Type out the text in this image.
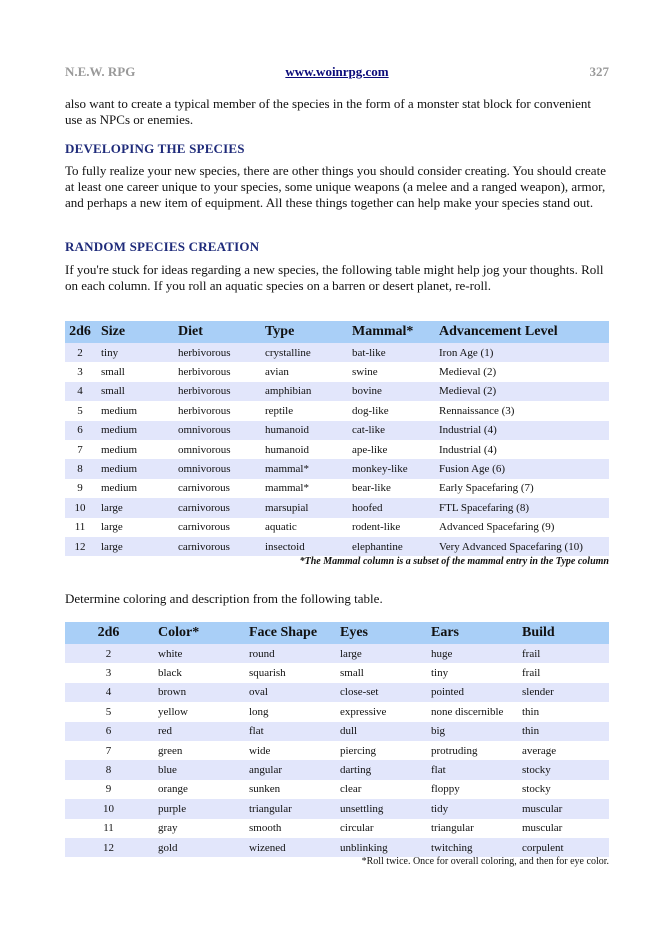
N.E.W. RPG	www.woinrpg.com	327
also want to create a typical member of the species in the form of a monster stat block for convenient use as NPCs or enemies.
DEVELOPING THE SPECIES
To fully realize your new species, there are other things you should consider creating. You should create at least one career unique to your species, some unique weapons (a melee and a ranged weapon), armor, and perhaps a new item of equipment. All these things together can help make your species stand out.
RANDOM SPECIES CREATION
If you're stuck for ideas regarding a new species, the following table might help jog your thoughts. Roll on each column. If you roll an aquatic species on a barren or desert planet, re-roll.
2d6	Size	Diet	Type	Mammal*	Advancement Level
2	tiny	herbivorous	crystalline	bat-like	Iron Age (1)
3	small	herbivorous	avian	swine	Medieval (2)
4	small	herbivorous	amphibian	bovine	Medieval (2)
5	medium	herbivorous	reptile	dog-like	Rennaissance (3)
6	medium	omnivorous	humanoid	cat-like	Industrial (4)
7	medium	omnivorous	humanoid	ape-like	Industrial (4)
8	medium	omnivorous	mammal*	monkey-like	Fusion Age (6)
9	medium	carnivorous	mammal*	bear-like	Early Spacefaring (7)
10	large	carnivorous	marsupial	hoofed	FTL Spacefaring (8)
11	large	carnivorous	aquatic	rodent-like	Advanced Spacefaring (9)
12	large	carnivorous	insectoid	elephantine	Very Advanced Spacefaring (10)
*The Mammal column is a subset of the mammal entry in the Type column
Determine coloring and description from the following table.
2d6	Color*	Face Shape	Eyes	Ears	Build
2	white	round	large	huge	frail
3	black	squarish	small	tiny	frail
4	brown	oval	close-set	pointed	slender
5	yellow	long	expressive	none discernible	thin
6	red	flat	dull	big	thin
7	green	wide	piercing	protruding	average
8	blue	angular	darting	flat	stocky
9	orange	sunken	clear	floppy	stocky
10	purple	triangular	unsettling	tidy	muscular
11	gray	smooth	circular	triangular	muscular
12	gold	wizened	unblinking	twitching	corpulent
*Roll twice. Once for overall coloring, and then for eye color.
